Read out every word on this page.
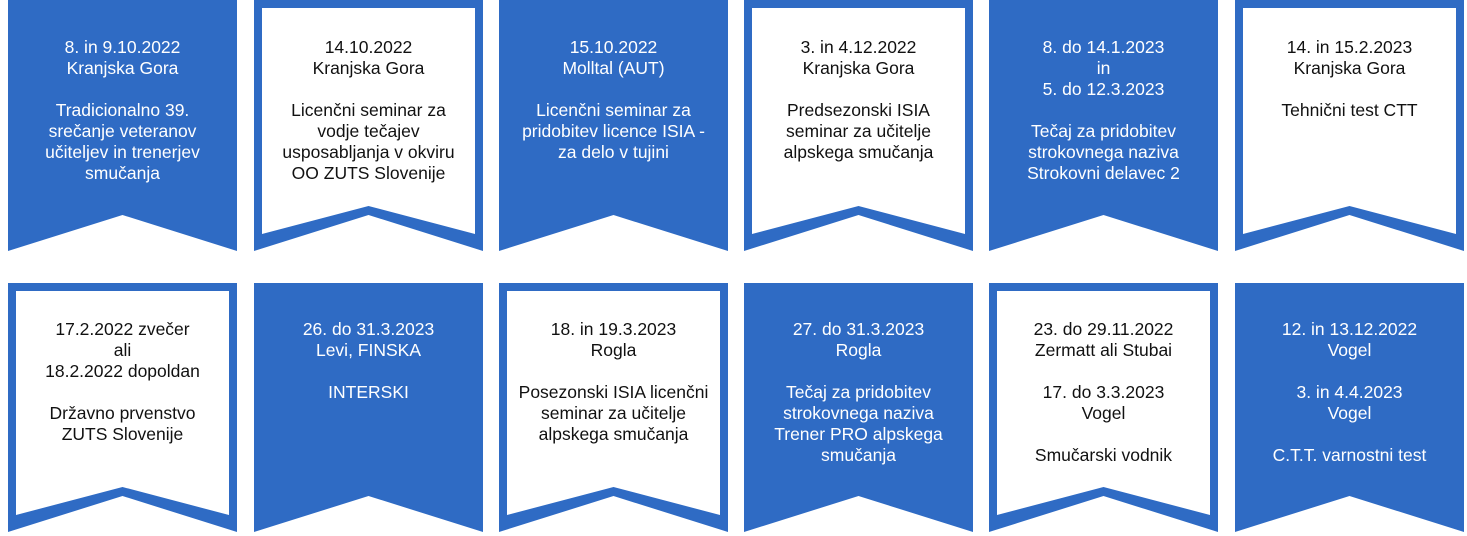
8. in 9.10.2022
Kranjska Gora
Tradicionalno 39.
srečanje veteranov
učiteljev in trenerjev
smučanja
14.10.2022
Kranjska Gora
Licenčni seminar za
vodje tečajev
usposabljanja v okviru
OO ZUTS Slovenije
15.10.2022
Molltal (AUT)
Licenčni seminar za
pridobitev licence ISIA -
za delo v tujini
3. in 4.12.2022
Kranjska Gora
Predsezonski ISIA
seminar za učitelje
alpskega smučanja
8. do 14.1.2023
in
5. do 12.3.2023
Tečaj za pridobitev
strokovnega naziva
Strokovni delavec 2
14. in 15.2.2023
Kranjska Gora
Tehnični test CTT
17.2.2022 zvečer
ali
18.2.2022 dopoldan
Državno prvenstvo
ZUTS Slovenije
26. do 31.3.2023
Levi, FINSKA
INTERSKI
18. in 19.3.2023
Rogla
Posezonski ISIA licenčni
seminar za učitelje
alpskega smučanja
27. do 31.3.2023
Rogla
Tečaj za pridobitev
strokovnega naziva
Trener PRO alpskega
smučanja
23. do 29.11.2022
Zermatt ali Stubai
17. do 3.3.2023
Vogel
Smučarski vodnik
12. in 13.12.2022
Vogel
3. in 4.4.2023
Vogel
C.T.T. varnostni test
